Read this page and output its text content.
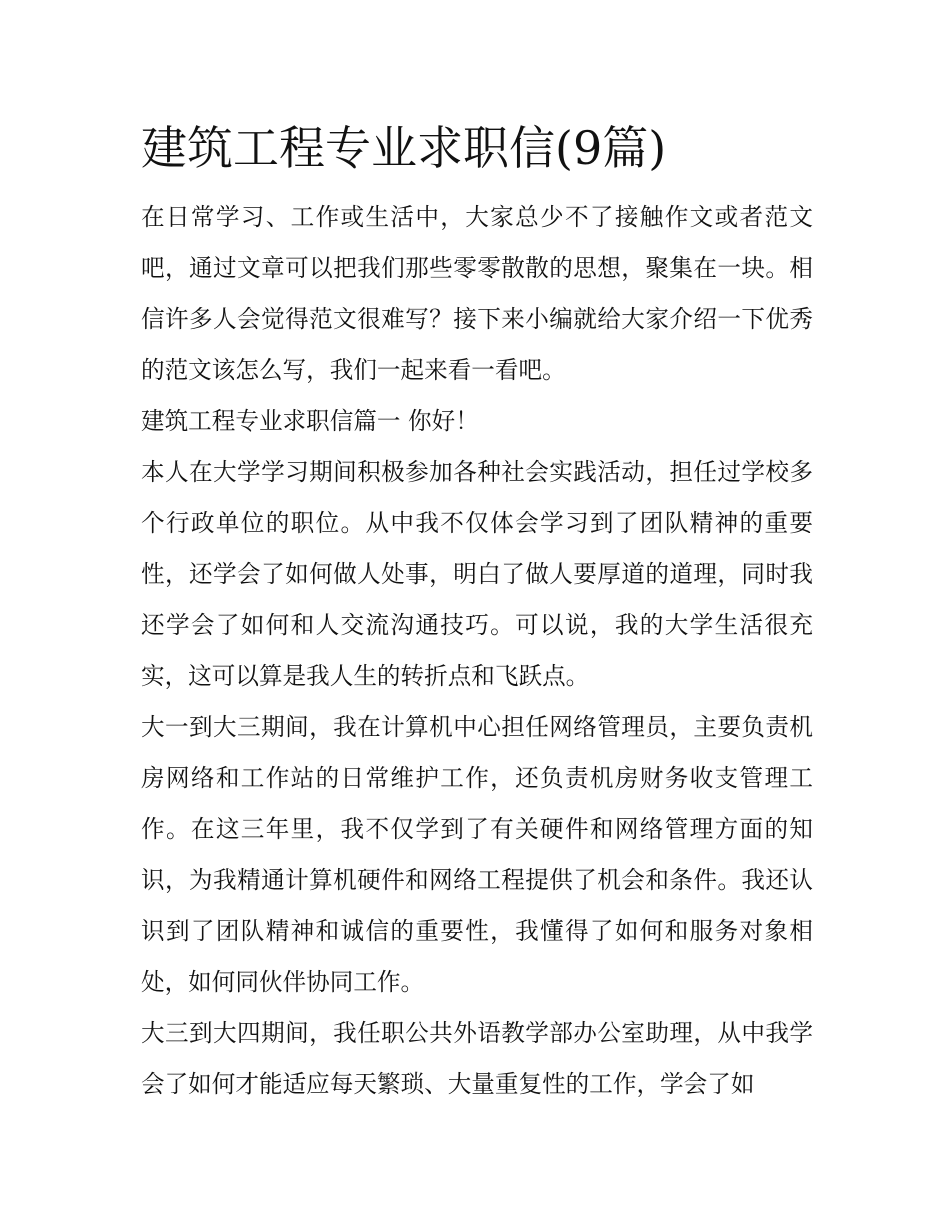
建筑工程专业求职信(9篇)

在日常学习、工作或生活中，大家总少不了接触作文或者范文吧，通过文章可以把我们那些零零散散的思想，聚集在一块。相信许多人会觉得范文很难写？接下来小编就给大家介绍一下优秀的范文该怎么写，我们一起来看一看吧。

建筑工程专业求职信篇一 你好！

本人在大学学习期间积极参加各种社会实践活动，担任过学校多个行政单位的职位。从中我不仅体会学习到了团队精神的重要性，还学会了如何做人处事，明白了做人要厚道的道理，同时我还学会了如何和人交流沟通技巧。可以说，我的大学生活很充实，这可以算是我人生的转折点和飞跃点。

大一到大三期间，我在计算机中心担任网络管理员，主要负责机房网络和工作站的日常维护工作，还负责机房财务收支管理工作。在这三年里，我不仅学到了有关硬件和网络管理方面的知识，为我精通计算机硬件和网络工程提供了机会和条件。我还认识到了团队精神和诚信的重要性，我懂得了如何和服务对象相处，如何同伙伴协同工作。

大三到大四期间，我任职公共外语教学部办公室助理，从中我学会了如何才能适应每天繁琐、大量重复性的工作，学会了如
